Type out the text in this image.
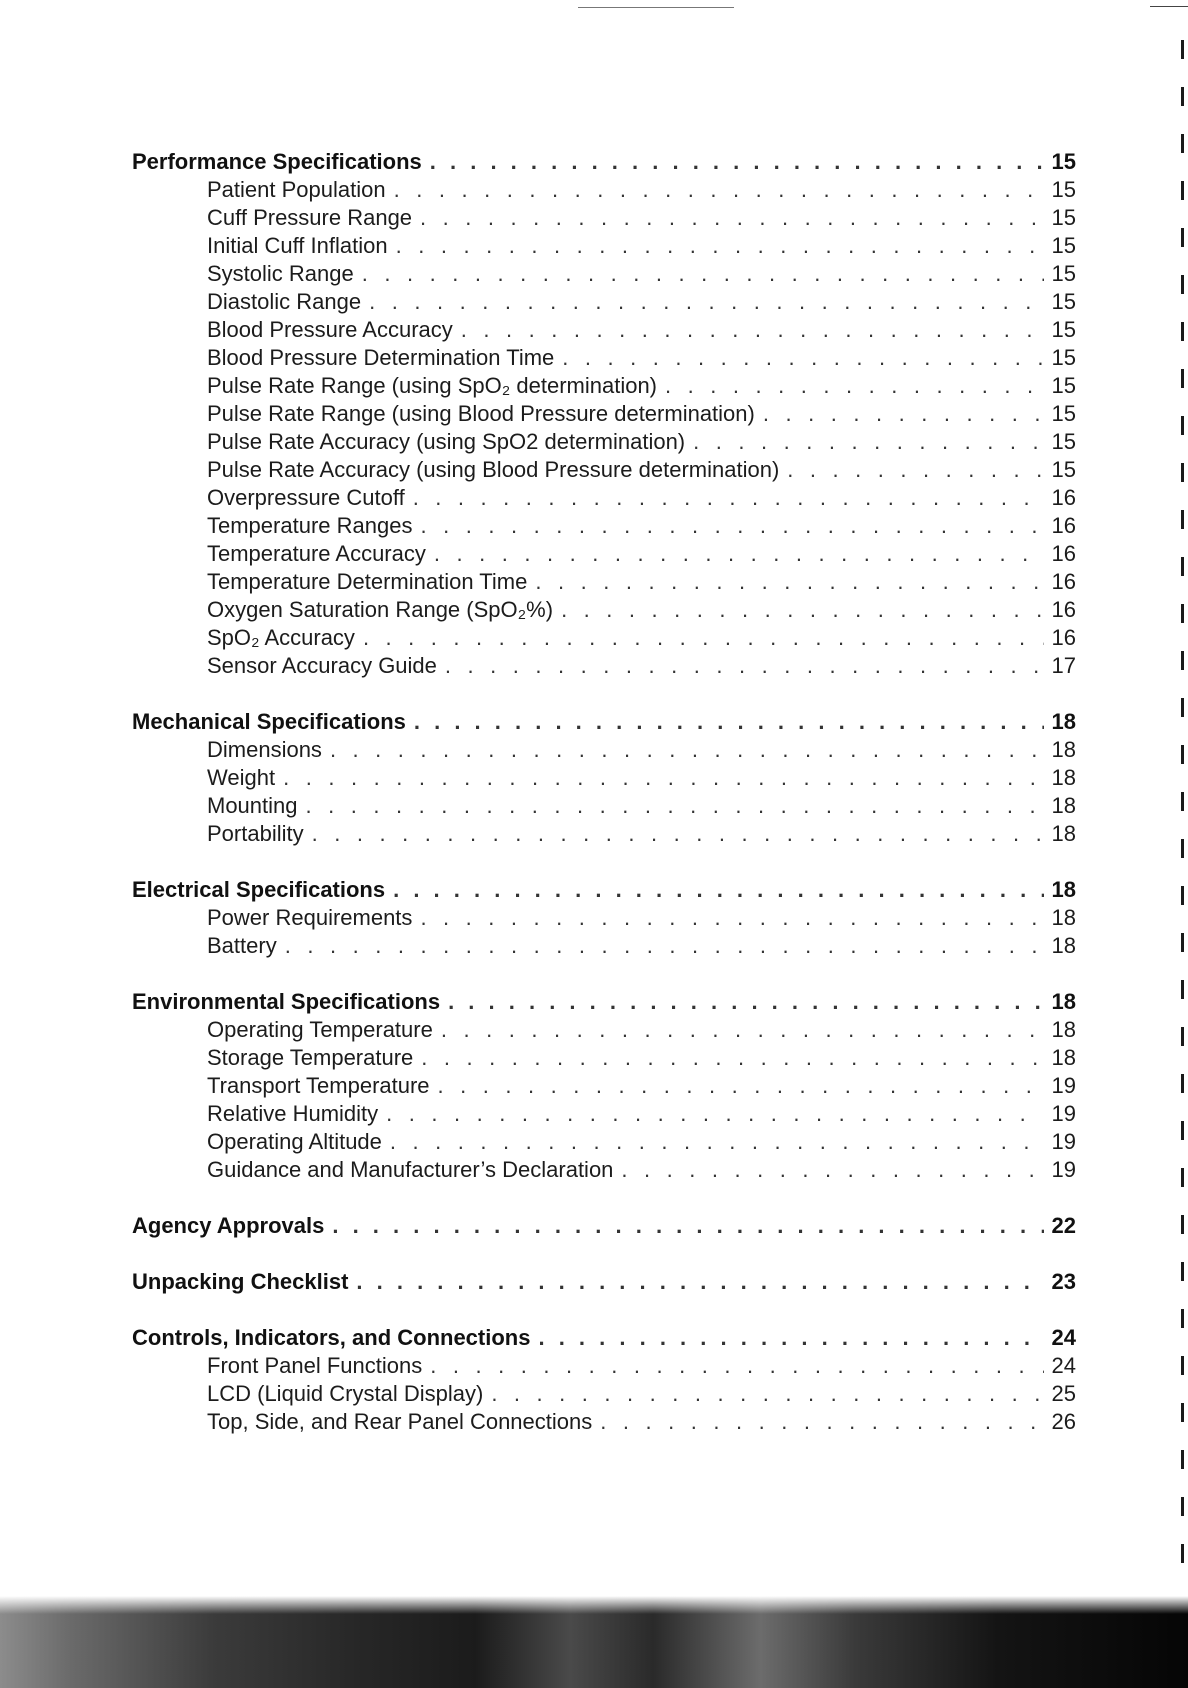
Performance Specifications . . .	15
Patient Population . . .	15
Cuff Pressure Range . . .	15
Initial Cuff Inflation . . .	15
Systolic Range . . .	15
Diastolic Range . . .	15
Blood Pressure Accuracy . . .	15
Blood Pressure Determination Time . . .	15
Pulse Rate Range (using SpO₂ determination) . . .	15
Pulse Rate Range (using Blood Pressure determination) . . .	15
Pulse Rate Accuracy (using SpO2 determination) . . .	15
Pulse Rate Accuracy (using Blood Pressure determination) . . .	15
Overpressure Cutoff . . .	16
Temperature Ranges . . .	16
Temperature Accuracy . . .	16
Temperature Determination Time . . .	16
Oxygen Saturation Range (SpO₂%) . . .	16
SpO₂ Accuracy . . .	16
Sensor Accuracy Guide . . .	17
Mechanical Specifications . . .	18
Dimensions . . .	18
Weight . . .	18
Mounting . . .	18
Portability . . .	18
Electrical Specifications . . .	18
Power Requirements . . .	18
Battery . . .	18
Environmental Specifications . . .	18
Operating Temperature . . .	18
Storage Temperature . . .	18
Transport Temperature . . .	19
Relative Humidity . . .	19
Operating Altitude . . .	19
Guidance and Manufacturer’s Declaration . . .	19
Agency Approvals . . .	22
Unpacking Checklist . . .	23
Controls, Indicators, and Connections . . .	24
Front Panel Functions . . .	24
LCD (Liquid Crystal Display) . . .	25
Top, Side, and Rear Panel Connections . . .	26
